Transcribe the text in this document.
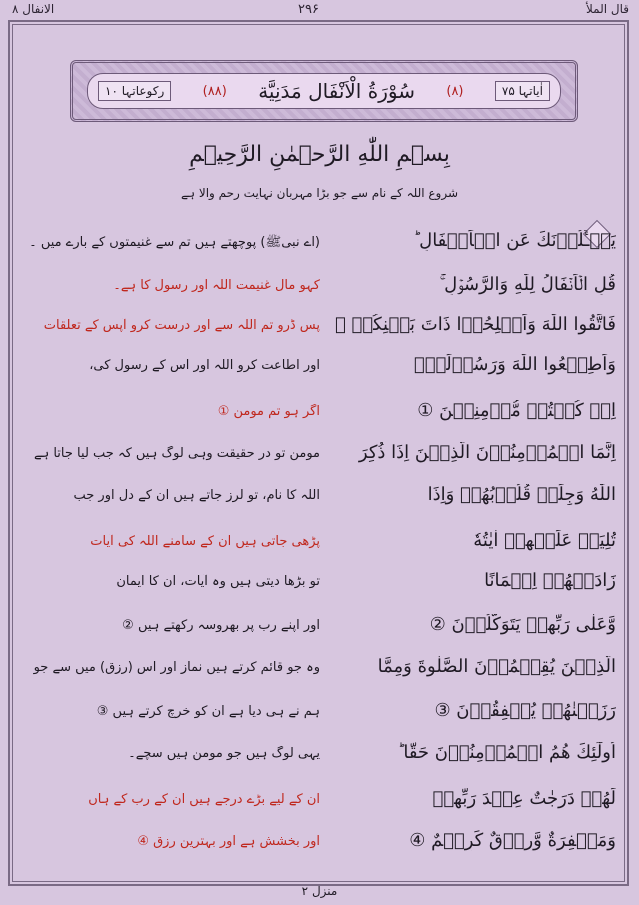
الانفال ۸	۲۹۶	قال الملأ
رکوعاتہا ۱۰	(۸۸) سُوْرَةُ الْاَنْفَال مَدَنِیَّة (۸)	اٰیاتہا ۷۵
بِسۡمِ اللّٰهِ الرَّحۡمٰنِ الرَّحِيۡمِ
شروع اللہ کے نام سے جو بڑا مہربان نہایت رحم والا ہے
يَسۡـَٔلُوۡنَكَ عَنِ الۡاَنۡفَالِ ؕ
(اے نبیﷺ) پوچھتے ہیں تم سے غنیمتوں کے بارے میں ۔
قُلِ الۡاَنۡفَالُ لِلّٰهِ وَالرَّسُوۡلِ ۚ
کہو مال غنیمت اللہ اور رسول کا ہے۔
فَاتَّقُوا اللّٰهَ وَاَصۡلِحُوۡا ذَاتَ بَيۡنِكُمۡ ۖ
پس ڈرو تم اللہ سے اور درست کرو آپس کے تعلقات
وَاَطِيۡعُوا اللّٰهَ وَرَسُوۡلَهٗۤ
اور اطاعت کرو اللہ اور اس کے رسول کی،
اِنۡ كُنۡتُمۡ مُّؤۡمِنِيۡنَ ①
اگر ہو تم مومن ①
اِنَّمَا الۡمُؤۡمِنُوۡنَ الَّذِيۡنَ اِذَا ذُكِرَ
مومن تو در حقیقت وہی لوگ ہیں کہ جب لیا جاتا ہے
اللّٰهُ وَجِلَتۡ قُلُوۡبُهُمۡ وَاِذَا
اللہ کا نام، تو لرز جاتے ہیں ان کے دل اور جب
تُلِيَتۡ عَلَيۡهِمۡ اٰيٰتُهٗ
پڑھی جاتی ہیں ان کے سامنے اللہ کی آیات
زَادَتۡهُمۡ اِيۡمَانًا
تو بڑھا دیتی ہیں وہ آیات، ان کا ایمان
وَّعَلٰى رَبِّهِمۡ يَتَوَكَّلُوۡنَ ②
اور اپنے رب پر بھروسہ رکھتے ہیں ②
الَّذِيۡنَ يُقِيۡمُوۡنَ الصَّلٰوةَ وَمِمَّا
وہ جو قائم کرتے ہیں نماز اور اس (رزق) میں سے جو
رَزَقۡنٰهُمۡ يُنۡفِقُوۡنَ ③
ہم نے ہی دیا ہے ان کو خرچ کرتے ہیں ③
اُولٰٓئِكَ هُمُ الۡمُؤۡمِنُوۡنَ حَقًّا ؕ
یہی لوگ ہیں جو مومن ہیں سچے۔
لَهُمۡ دَرَجٰتٌ عِنۡدَ رَبِّهِمۡ
ان کے لیے بڑے درجے ہیں ان کے رب کے ہاں
وَمَغۡفِرَةٌ وَّرِزۡقٌ كَرِيۡمٌ ④
اور بخشش ہے اور بہترین رزق ④
منزل ۲
